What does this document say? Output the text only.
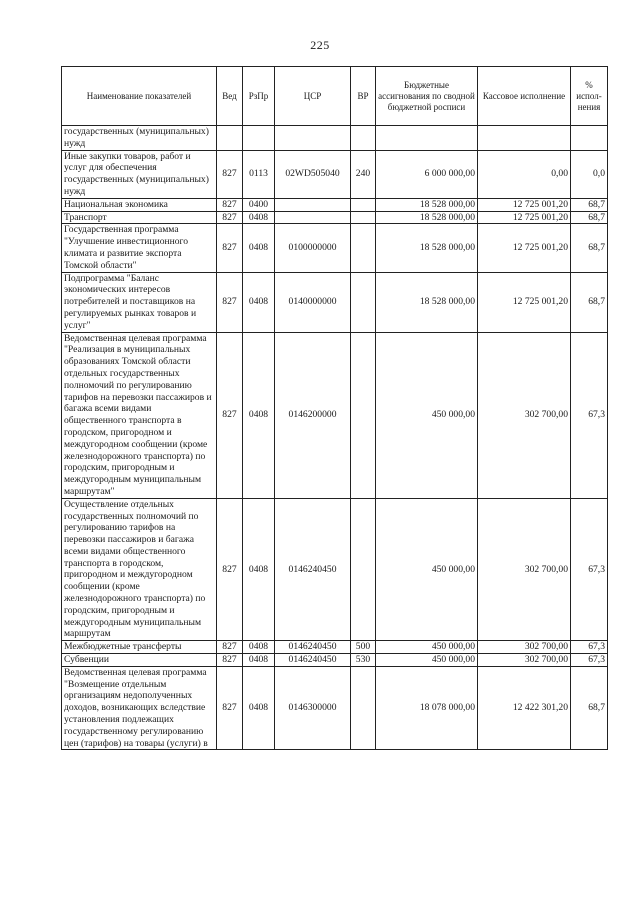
225
Наименование показателей	Вед	РзПр	ЦСР	ВР	Бюджетные ассигнования по сводной бюджетной росписи	Кассовое исполнение	% испол-нения
государственных (муниципальных) нужд							
Иные закупки товаров, работ и услуг для обеспечения государственных (муниципальных) нужд	827	0113	02WD505040	240	6 000 000,00	0,00	0,0
Национальная экономика	827	0400			18 528 000,00	12 725 001,20	68,7
Транспорт	827	0408			18 528 000,00	12 725 001,20	68,7
Государственная программа "Улучшение инвестиционного климата и развитие экспорта Томской области"	827	0408	0100000000		18 528 000,00	12 725 001,20	68,7
Подпрограмма "Баланс экономических интересов потребителей и поставщиков на регулируемых рынках товаров и услуг"	827	0408	0140000000		18 528 000,00	12 725 001,20	68,7
Ведомственная целевая программа "Реализация в муниципальных образованиях Томской области отдельных государственных полномочий по регулированию тарифов на перевозки пассажиров и багажа всеми видами общественного транспорта в городском, пригородном и междугородном сообщении (кроме железнодорожного транспорта) по городским, пригородным и междугородным муниципальным маршрутам"	827	0408	0146200000		450 000,00	302 700,00	67,3
Осуществление отдельных государственных полномочий по регулированию тарифов на перевозки пассажиров и багажа всеми видами общественного транспорта в городском, пригородном и междугородном сообщении (кроме железнодорожного транспорта) по городским, пригородным и междугородным муниципальным маршрутам	827	0408	0146240450		450 000,00	302 700,00	67,3
Межбюджетные трансферты	827	0408	0146240450	500	450 000,00	302 700,00	67,3
Субвенции	827	0408	0146240450	530	450 000,00	302 700,00	67,3
Ведомственная целевая программа "Возмещение отдельным организациям недополученных доходов, возникающих вследствие установления подлежащих государственному регулированию цен (тарифов) на товары (услуги) в	827	0408	0146300000		18 078 000,00	12 422 301,20	68,7
